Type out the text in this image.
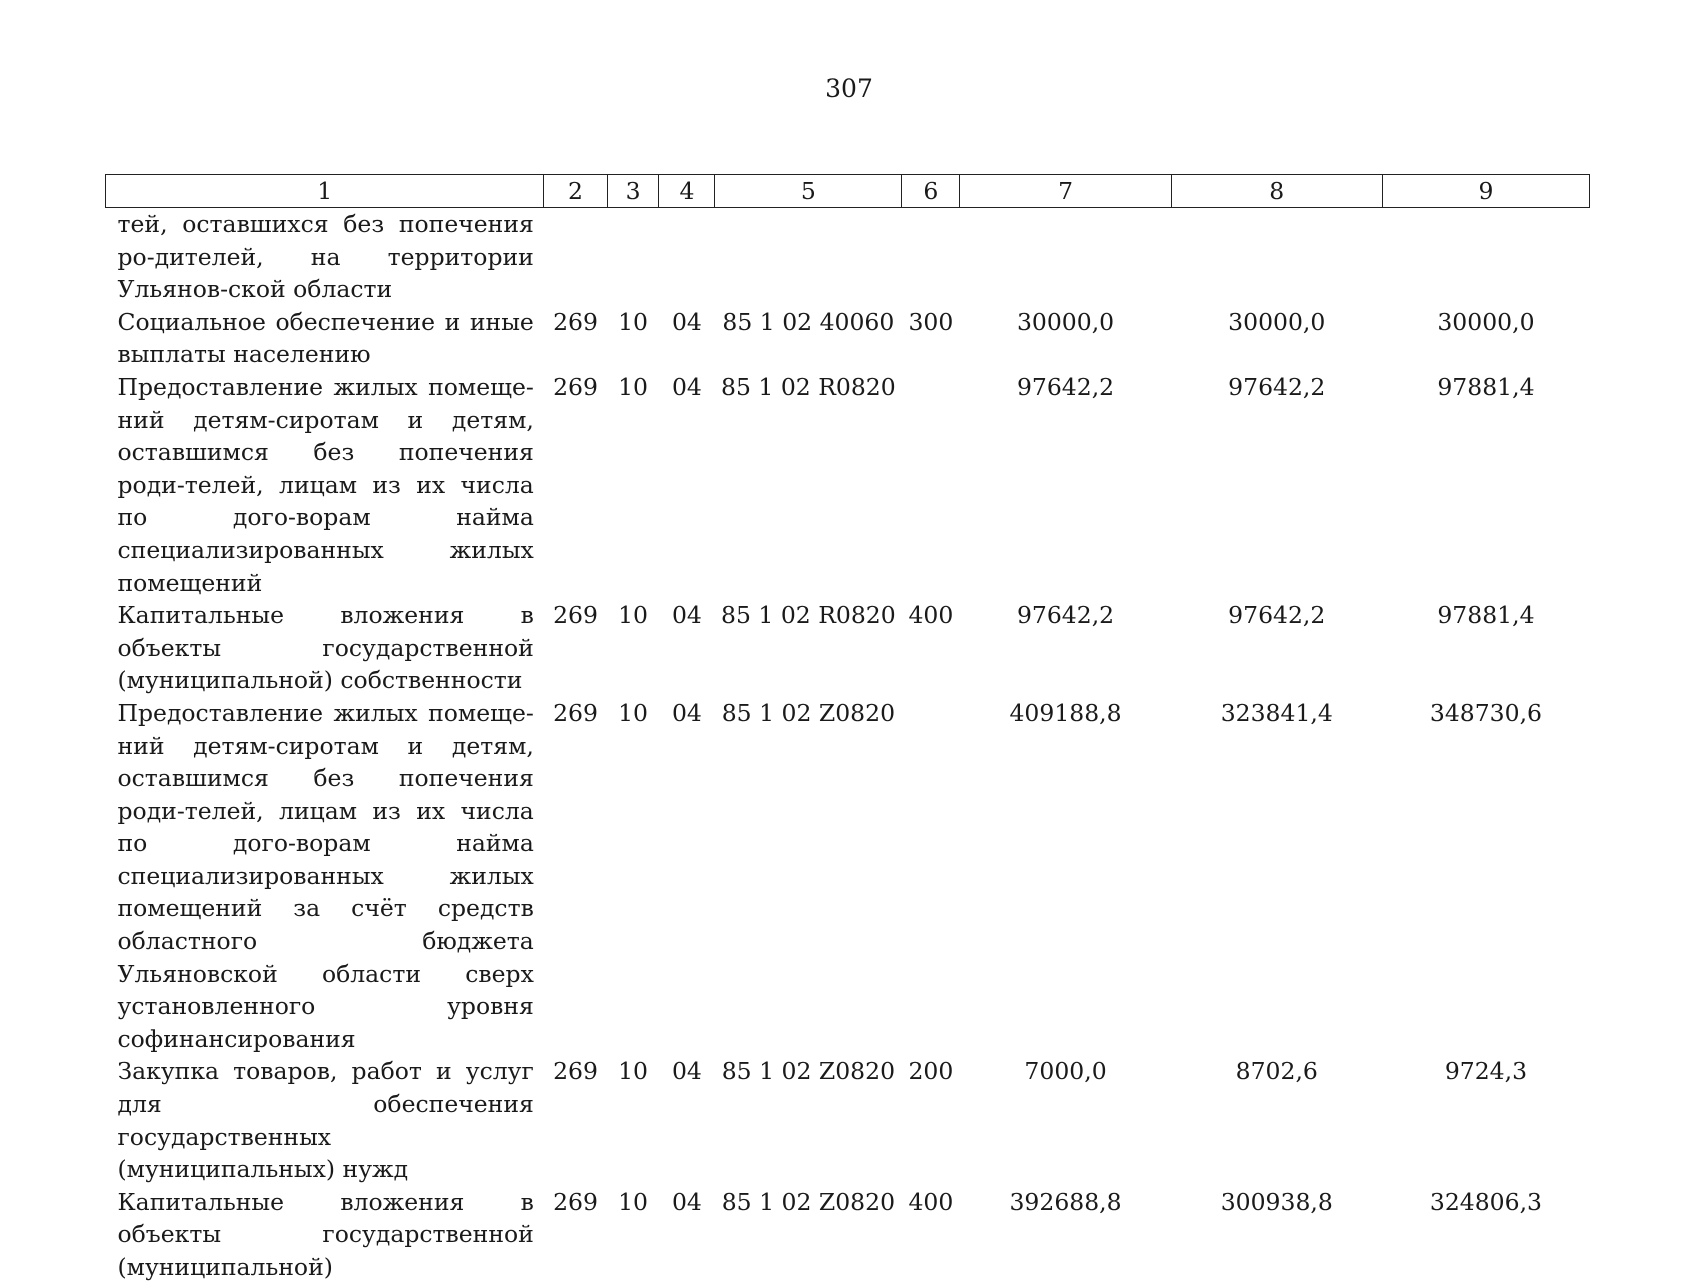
307
1	2	3	4	5	6	7	8	9
тей, оставшихся без попечения ро-дителей, на территории Ульянов-ской области								
Социальное обеспечение и иные выплаты населению	269	10	04	85 1 02 40060	300	30000,0	30000,0	30000,0
Предоставление жилых помеще-ний детям-сиротам и детям, оставшимся без попечения роди-телей, лицам из их числа по дого-ворам найма специализированных жилых помещений	269	10	04	85 1 02 R0820		97642,2	97642,2	97881,4
Капитальные вложения в объекты государственной (муниципальной) собственности	269	10	04	85 1 02 R0820	400	97642,2	97642,2	97881,4
Предоставление жилых помеще-ний детям-сиротам и детям, оставшимся без попечения роди-телей, лицам из их числа по дого-ворам найма специализированных жилых помещений за счёт средств областного бюджета Ульяновской области сверх установленного уровня софинансирования	269	10	04	85 1 02 Z0820		409188,8	323841,4	348730,6
Закупка товаров, работ и услуг для обеспечения государственных (муниципальных) нужд	269	10	04	85 1 02 Z0820	200	7000,0	8702,6	9724,3
Капитальные вложения в объекты государственной (муниципальной)	269	10	04	85 1 02 Z0820	400	392688,8	300938,8	324806,3
